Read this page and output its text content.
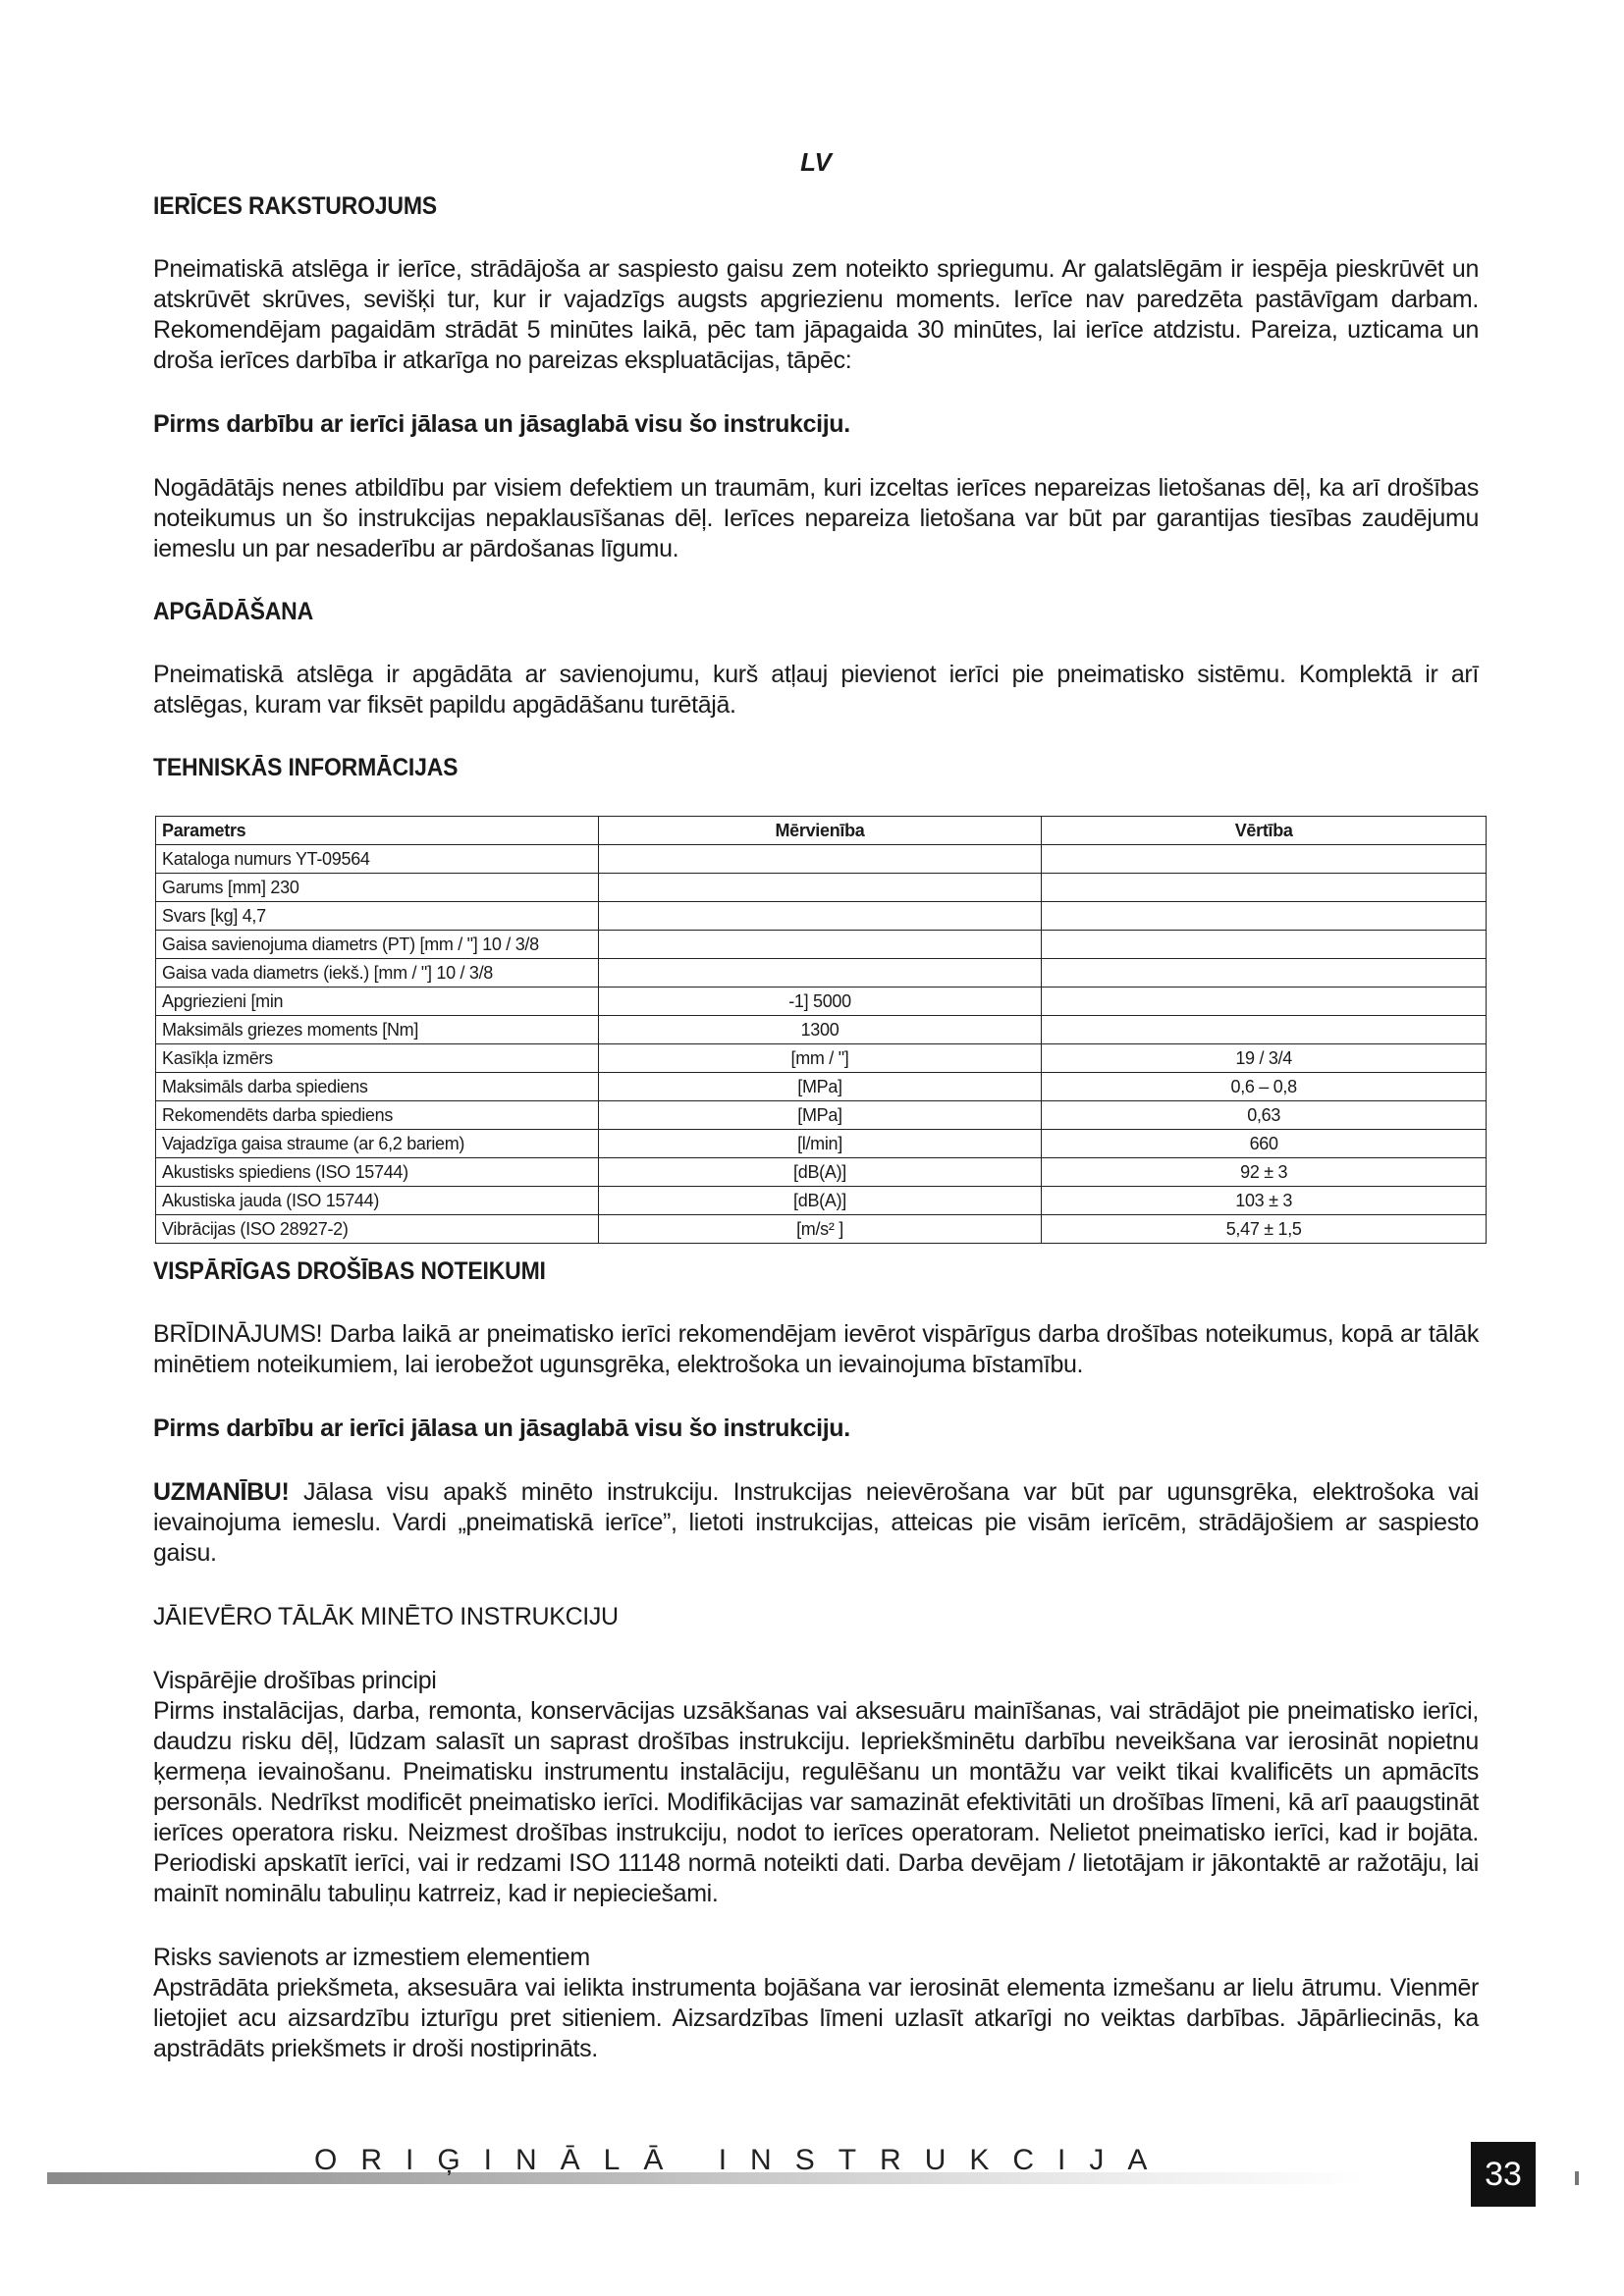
LV
IERĪCES RAKSTUROJUMS

Pneimatiskā atslēga ir ierīce, strādājoša ar saspiesto gaisu zem noteikto spriegumu. Ar galatslēgām ir iespēja pieskrūvēt un atskrūvēt skrūves, sevišķi tur, kur ir vajadzīgs augsts apgriezienu moments. Ierīce nav paredzēta pastāvīgam darbam. Rekomendējam pagaidām strādāt 5 minūtes laikā, pēc tam jāpagaida 30 minūtes, lai ierīce atdzistu. Pareiza, uzticama un droša ierīces darbība ir atkarīga no pareizas ekspluatācijas, tāpēc:

Pirms darbību ar ierīci jālasa un jāsaglabā visu šo instrukciju.

Nogādātājs nenes atbildību par visiem defektiem un traumām, kuri izceltas ierīces nepareizas lietošanas dēļ, ka arī drošības noteikumus un šo instrukcijas nepaklausīšanas dēļ. Ierīces nepareiza lietošana var būt par garantijas tiesības zaudējumu iemeslu un par nesaderību ar pārdošanas līgumu.

APGĀDĀŠANA

Pneimatiskā atslēga ir apgādāta ar savienojumu, kurš atļauj pievienot ierīci pie pneimatisko sistēmu. Komplektā ir arī atslēgas, kuram var fiksēt papildu apgādāšanu turētājā.

TEHNISKĀS INFORMĀCIJAS
Parametrs	Mērvienība	Vērtība
Kataloga numurs YT-09564		
Garums [mm] 230		
Svars [kg] 4,7		
Gaisa savienojuma diametrs (PT) [mm / "] 10 / 3/8		
Gaisa vada diametrs (iekš.) [mm / "] 10 / 3/8		
Apgriezieni [min	-1] 5000	
Maksimāls griezes moments [Nm]	1300	
Kasīkļa izmērs	[mm / "]	19 / 3/4
Maksimāls darba spiediens	[MPa]	0,6 – 0,8
Rekomendēts darba spiediens	[MPa]	0,63
Vajadzīga gaisa straume (ar 6,2 bariem)	[l/min]	660
Akustisks spiediens (ISO 15744)	[dB(A)]	92 ± 3
Akustiska jauda (ISO 15744)	[dB(A)]	103 ± 3
Vibrācijas (ISO 28927-2)	[m/s² ]	5,47 ± 1,5
VISPĀRĪGAS DROŠĪBAS NOTEIKUMI

BRĪDINĀJUMS! Darba laikā ar pneimatisko ierīci rekomendējam ievērot vispārīgus darba drošības noteikumus, kopā ar tālāk minētiem noteikumiem, lai ierobežot ugunsgrēka, elektrošoka un ievainojuma bīstamību.

Pirms darbību ar ierīci jālasa un jāsaglabā visu šo instrukciju.

UZMANĪBU! Jālasa visu apakš minēto instrukciju. Instrukcijas neievērošana var būt par ugunsgrēka, elektrošoka vai ievainojuma iemeslu. Vardi „pneimatiskā ierīce”, lietoti instrukcijas, atteicas pie visām ierīcēm, strādājošiem ar saspiesto gaisu.

JĀIEVĒRO TĀLĀK MINĒTO INSTRUKCIJU

Vispārējie drošības principi

Pirms instalācijas, darba, remonta, konservācijas uzsākšanas vai aksesuāru mainīšanas, vai strādājot pie pneimatisko ierīci, daudzu risku dēļ, lūdzam salasīt un saprast drošības instrukciju. Iepriekšminētu darbību neveikšana var ierosināt nopietnu ķermeņa ievainošanu. Pneimatisku instrumentu instalāciju, regulēšanu un montāžu var veikt tikai kvalificēts un apmācīts personāls. Nedrīkst modificēt pneimatisko ierīci. Modifikācijas var samazināt efektivitāti un drošības līmeni, kā arī paaugstināt ierīces operatora risku. Neizmest drošības instrukciju, nodot to ierīces operatoram. Nelietot pneimatisko ierīci, kad ir bojāta. Periodiski apskatīt ierīci, vai ir redzami ISO 11148 normā noteikti dati. Darba devējam / lietotājam ir jākontaktē ar ražotāju, lai mainīt nominālu tabuliņu katrreiz, kad ir nepieciešami.

Risks savienots ar izmestiem elementiem

Apstrādāta priekšmeta, aksesuāra vai ielikta instrumenta bojāšana var ierosināt elementa izmešanu ar lielu ātrumu. Vienmēr lietojiet acu aizsardzību izturīgu pret sitieniem. Aizsardzības līmeni uzlasīt atkarīgi no veiktas darbības. Jāpārliecinās, ka apstrādāts priekšmets ir droši nostiprināts.

ORIĢINĀLĀ INSTRUKCIJA	33
